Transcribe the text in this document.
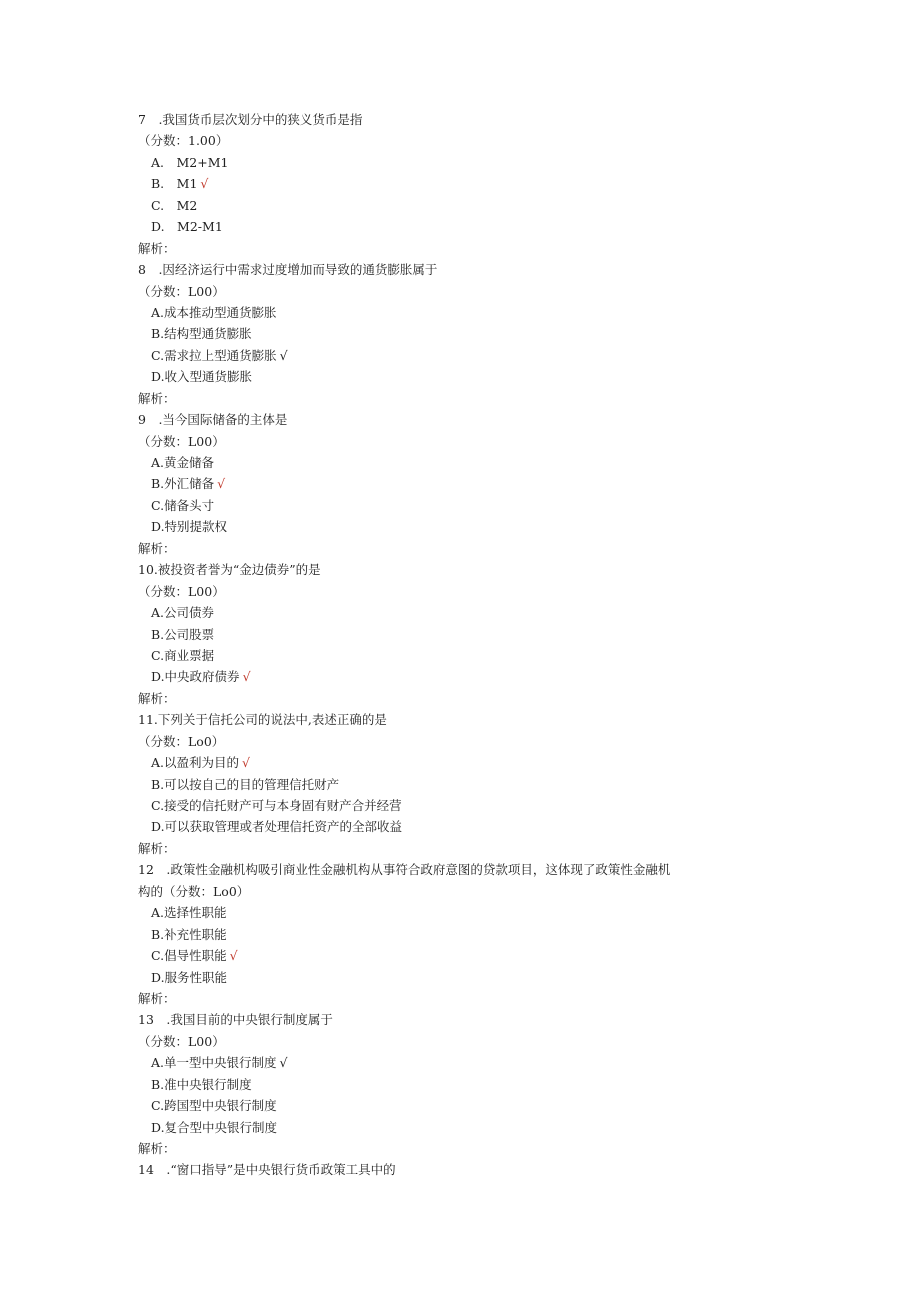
7　.我国货币层次划分中的狭义货币是指
（分数：1.00）
A.　M2+M1
B.　M1 √
C.　M2
D.　M2-M1
解析：
8　.因经济运行中需求过度增加而导致的通货膨胀属于
（分数：L00）
A.成本推动型通货膨胀
B.结构型通货膨胀
C.需求拉上型通货膨胀 √
D.收入型通货膨胀
解析：
9　.当今国际储备的主体是
（分数：L00）
A.黄金储备
B.外汇储备 √
C.储备头寸
D.特别提款权
解析：
10.被投资者誉为“金边债券”的是
（分数：L00）
A.公司债券
B.公司股票
C.商业票据
D.中央政府债券 √
解析：
11.下列关于信托公司的说法中,表述正确的是
（分数：Lo0）
A.以盈利为目的 √
B.可以按自己的目的管理信托财产
C.接受的信托财产可与本身固有财产合并经营
D.可以获取管理或者处理信托资产的全部收益
解析：
12　.政策性金融机构吸引商业性金融机构从事符合政府意图的贷款项目，这体现了政策性金融机
构的（分数：Lo0）
A.选择性职能
B.补充性职能
C.倡导性职能 √
D.服务性职能
解析：
13　.我国目前的中央银行制度属于
（分数：L00）
A.单一型中央银行制度 √
B.准中央银行制度
C.跨国型中央银行制度
D.复合型中央银行制度
解析：
14　.“窗口指导”是中央银行货币政策工具中的
